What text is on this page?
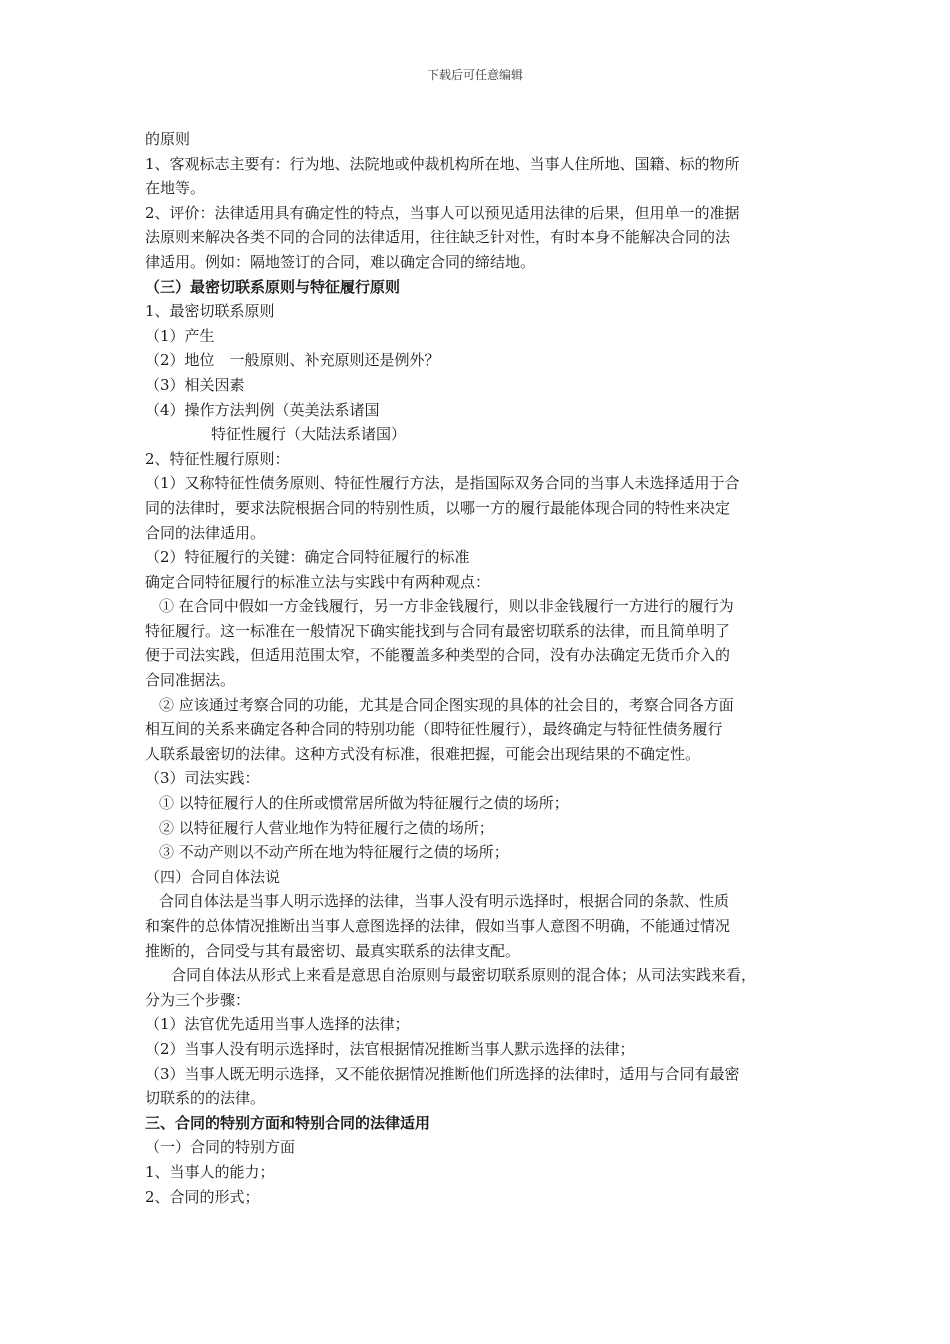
下载后可任意编辑
的原则
1、客观标志主要有：行为地、法院地或仲裁机构所在地、当事人住所地、国籍、标的物所
在地等。
2、评价：法律适用具有确定性的特点，当事人可以预见适用法律的后果，但用单一的准据
法原则来解决各类不同的合同的法律适用，往往缺乏针对性，有时本身不能解决合同的法
律适用。例如：隔地签订的合同，难以确定合同的缔结地。
（三）最密切联系原则与特征履行原则
1、最密切联系原则
（1）产生
（2）地位　一般原则、补充原则还是例外？
（3）相关因素
（4）操作方法判例（英美法系诸国
特征性履行（大陆法系诸国）
2、特征性履行原则：
（1）又称特征性债务原则、特征性履行方法，是指国际双务合同的当事人未选择适用于合
同的法律时，要求法院根据合同的特别性质，以哪一方的履行最能体现合同的特性来决定
合同的法律适用。
（2）特征履行的关键：确定合同特征履行的标准
确定合同特征履行的标准立法与实践中有两种观点：
① 在合同中假如一方金钱履行，另一方非金钱履行，则以非金钱履行一方进行的履行为
特征履行。这一标准在一般情况下确实能找到与合同有最密切联系的法律，而且简单明了
便于司法实践，但适用范围太窄，不能覆盖多种类型的合同，没有办法确定无货币介入的
合同准据法。
② 应该通过考察合同的功能，尤其是合同企图实现的具体的社会目的，考察合同各方面
相互间的关系来确定各种合同的特别功能（即特征性履行），最终确定与特征性债务履行
人联系最密切的法律。这种方式没有标准，很难把握，可能会出现结果的不确定性。
（3）司法实践：
① 以特征履行人的住所或惯常居所做为特征履行之债的场所；
② 以特征履行人营业地作为特征履行之债的场所；
③ 不动产则以不动产所在地为特征履行之债的场所；
（四）合同自体法说
合同自体法是当事人明示选择的法律，当事人没有明示选择时，根据合同的条款、性质
和案件的总体情况推断出当事人意图选择的法律，假如当事人意图不明确，不能通过情况
推断的，合同受与其有最密切、最真实联系的法律支配。
合同自体法从形式上来看是意思自治原则与最密切联系原则的混合体；从司法实践来看，
分为三个步骤：
（1）法官优先适用当事人选择的法律；
（2）当事人没有明示选择时，法官根据情况推断当事人默示选择的法律；
（3）当事人既无明示选择，又不能依据情况推断他们所选择的法律时，适用与合同有最密
切联系的的法律。
三、合同的特别方面和特别合同的法律适用
（一）合同的特别方面
1、当事人的能力；
2、合同的形式；
